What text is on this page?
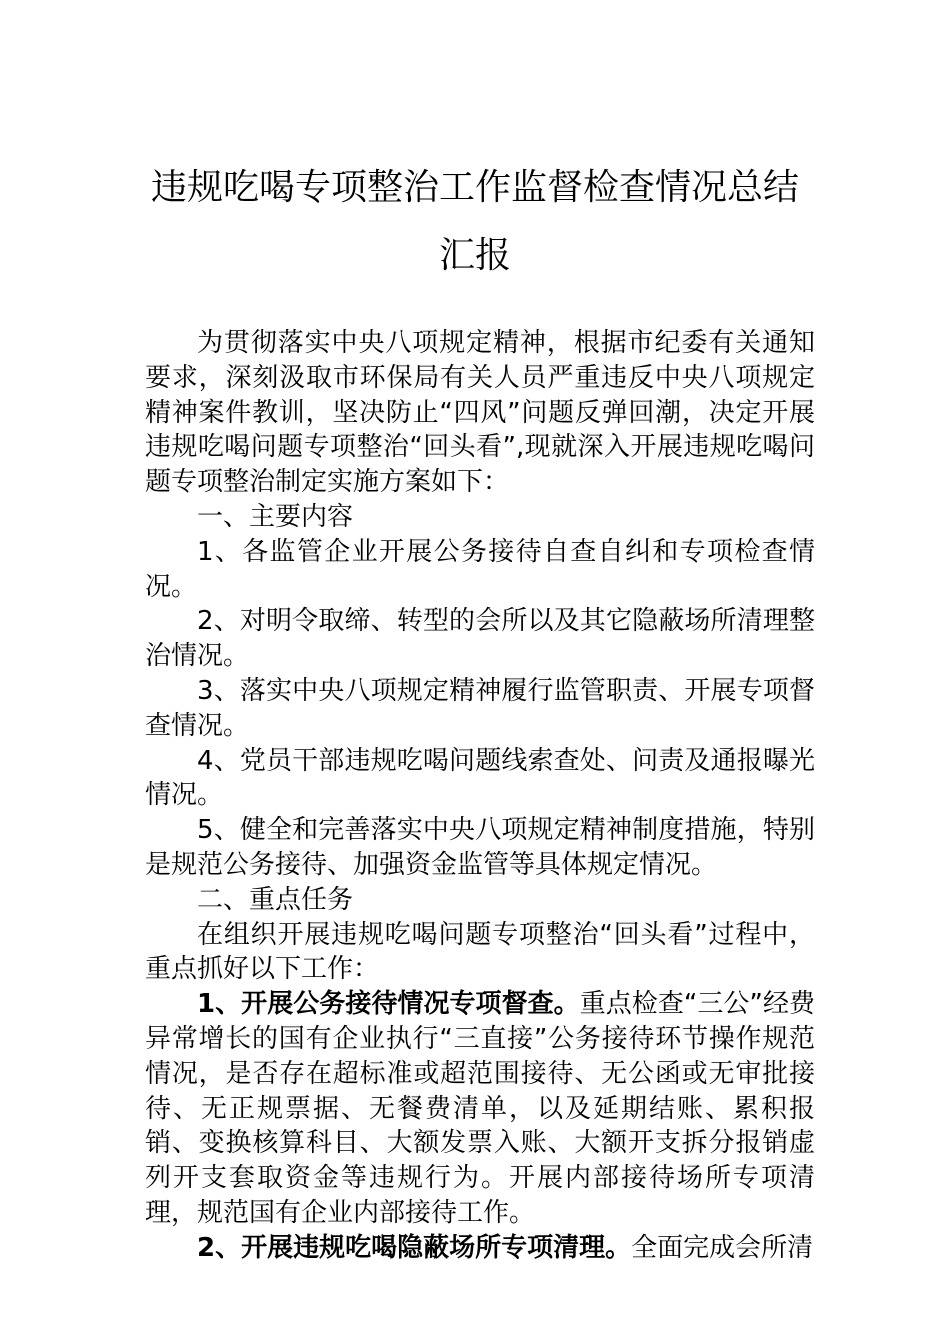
违规吃喝专项整治工作监督检查情况总结
汇报

为贯彻落实中央八项规定精神，根据市纪委有关通知要求，深刻汲取市环保局有关人员严重违反中央八项规定精神案件教训，坚决防止“四风”问题反弹回潮，决定开展违规吃喝问题专项整治“回头看”,现就深入开展违规吃喝问题专项整治制定实施方案如下：

一、主要内容

1、各监管企业开展公务接待自查自纠和专项检查情况。

2、对明令取缔、转型的会所以及其它隐蔽场所清理整治情况。

3、落实中央八项规定精神履行监管职责、开展专项督查情况。

4、党员干部违规吃喝问题线索查处、问责及通报曝光情况。

5、健全和完善落实中央八项规定精神制度措施，特别是规范公务接待、加强资金监管等具体规定情况。

二、重点任务

在组织开展违规吃喝问题专项整治“回头看”过程中，重点抓好以下工作：

1、开展公务接待情况专项督查。重点检查“三公”经费异常增长的国有企业执行“三直接”公务接待环节操作规范情况，是否存在超标准或超范围接待、无公函或无审批接待、无正规票据、无餐费清单，以及延期结账、累积报销、变换核算科目、大额发票入账、大额开支拆分报销虚列开支套取资金等违规行为。开展内部接待场所专项清理，规范国有企业内部接待工作。

2、开展违规吃喝隐蔽场所专项清理。全面完成会所清
